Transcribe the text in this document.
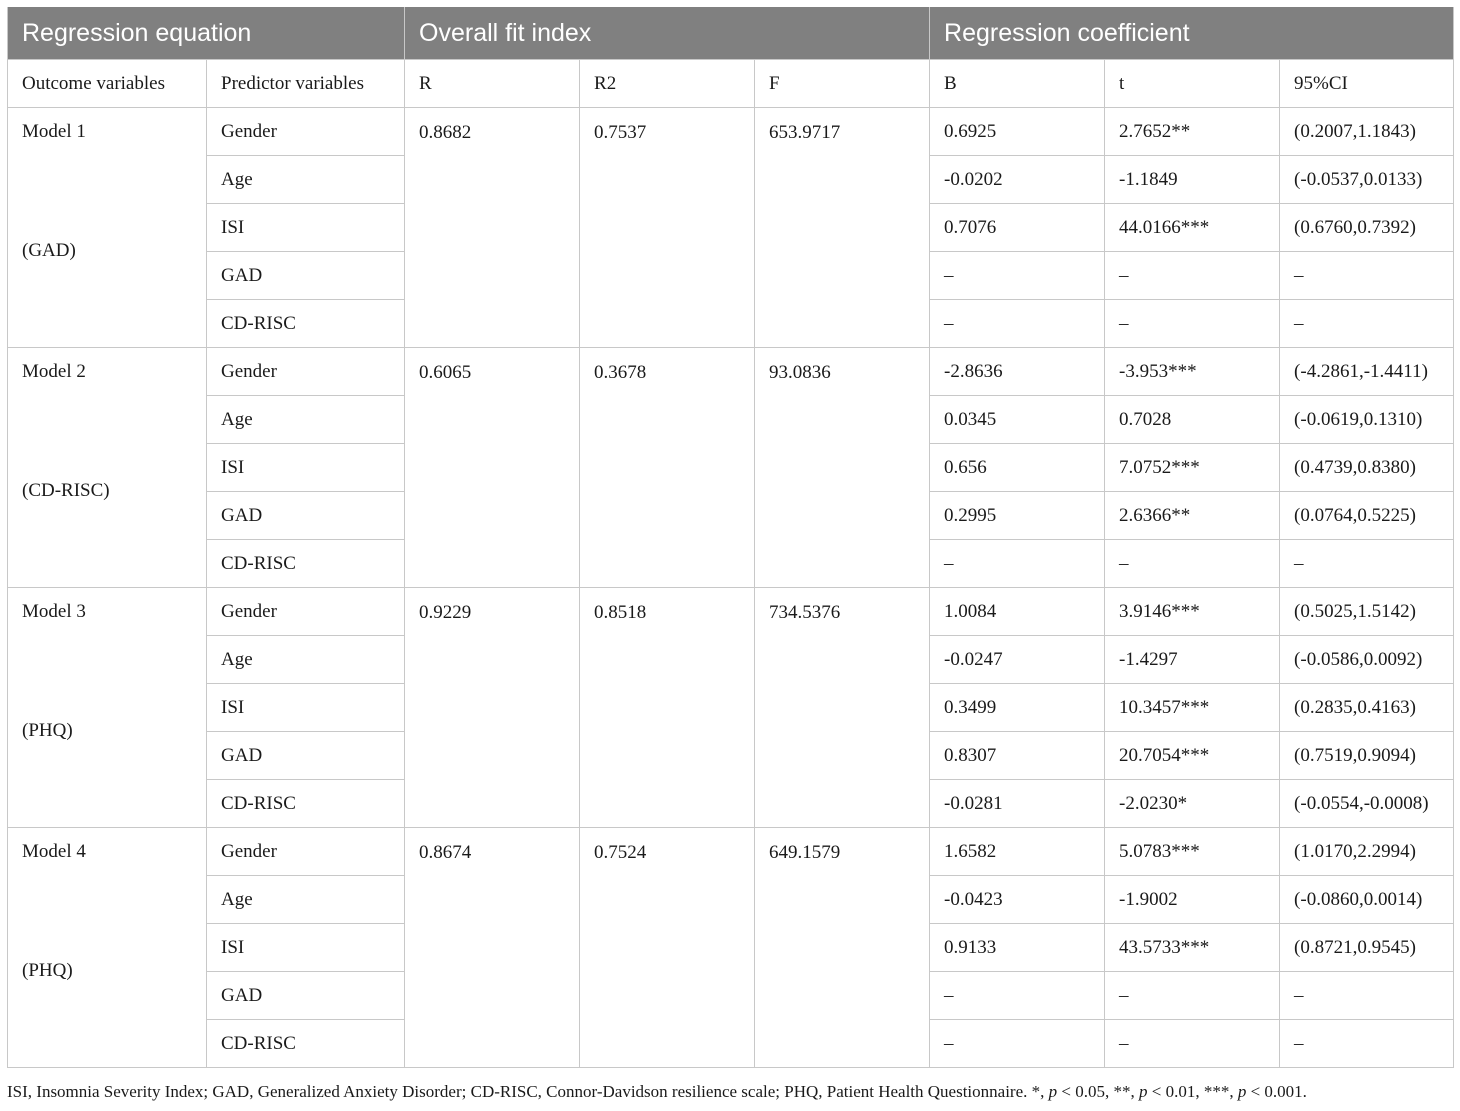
Regression equation		Overall fit index			Regression coefficient		
Outcome variables	Predictor variables	R	R2	F	B	t	95%CI
Model 1	Gender	0.8682	0.7537	653.9717	0.6925	2.7652**	(0.2007,1.1843)
(GAD)	Age				-0.0202	-1.1849	(-0.0537,0.0133)
	ISI				0.7076	44.0166***	(0.6760,0.7392)
	GAD				–	–	–
	CD-RISC				–	–	–
Model 2	Gender	0.6065	0.3678	93.0836	-2.8636	-3.953***	(-4.2861,-1.4411)
(CD-RISC)	Age				0.0345	0.7028	(-0.0619,0.1310)
	ISI				0.656	7.0752***	(0.4739,0.8380)
	GAD				0.2995	2.6366**	(0.0764,0.5225)
	CD-RISC				–	–	–
Model 3	Gender	0.9229	0.8518	734.5376	1.0084	3.9146***	(0.5025,1.5142)
(PHQ)	Age				-0.0247	-1.4297	(-0.0586,0.0092)
	ISI				0.3499	10.3457***	(0.2835,0.4163)
	GAD				0.8307	20.7054***	(0.7519,0.9094)
	CD-RISC				-0.0281	-2.0230*	(-0.0554,-0.0008)
Model 4	Gender	0.8674	0.7524	649.1579	1.6582	5.0783***	(1.0170,2.2994)
(PHQ)	Age				-0.0423	-1.9002	(-0.0860,0.0014)
	ISI				0.9133	43.5733***	(0.8721,0.9545)
	GAD				–	–	–
	CD-RISC				–	–	–
ISI, Insomnia Severity Index; GAD, Generalized Anxiety Disorder; CD-RISC, Connor-Davidson resilience scale; PHQ, Patient Health Questionnaire. *, p < 0.05, **, p < 0.01, ***, p < 0.001.
